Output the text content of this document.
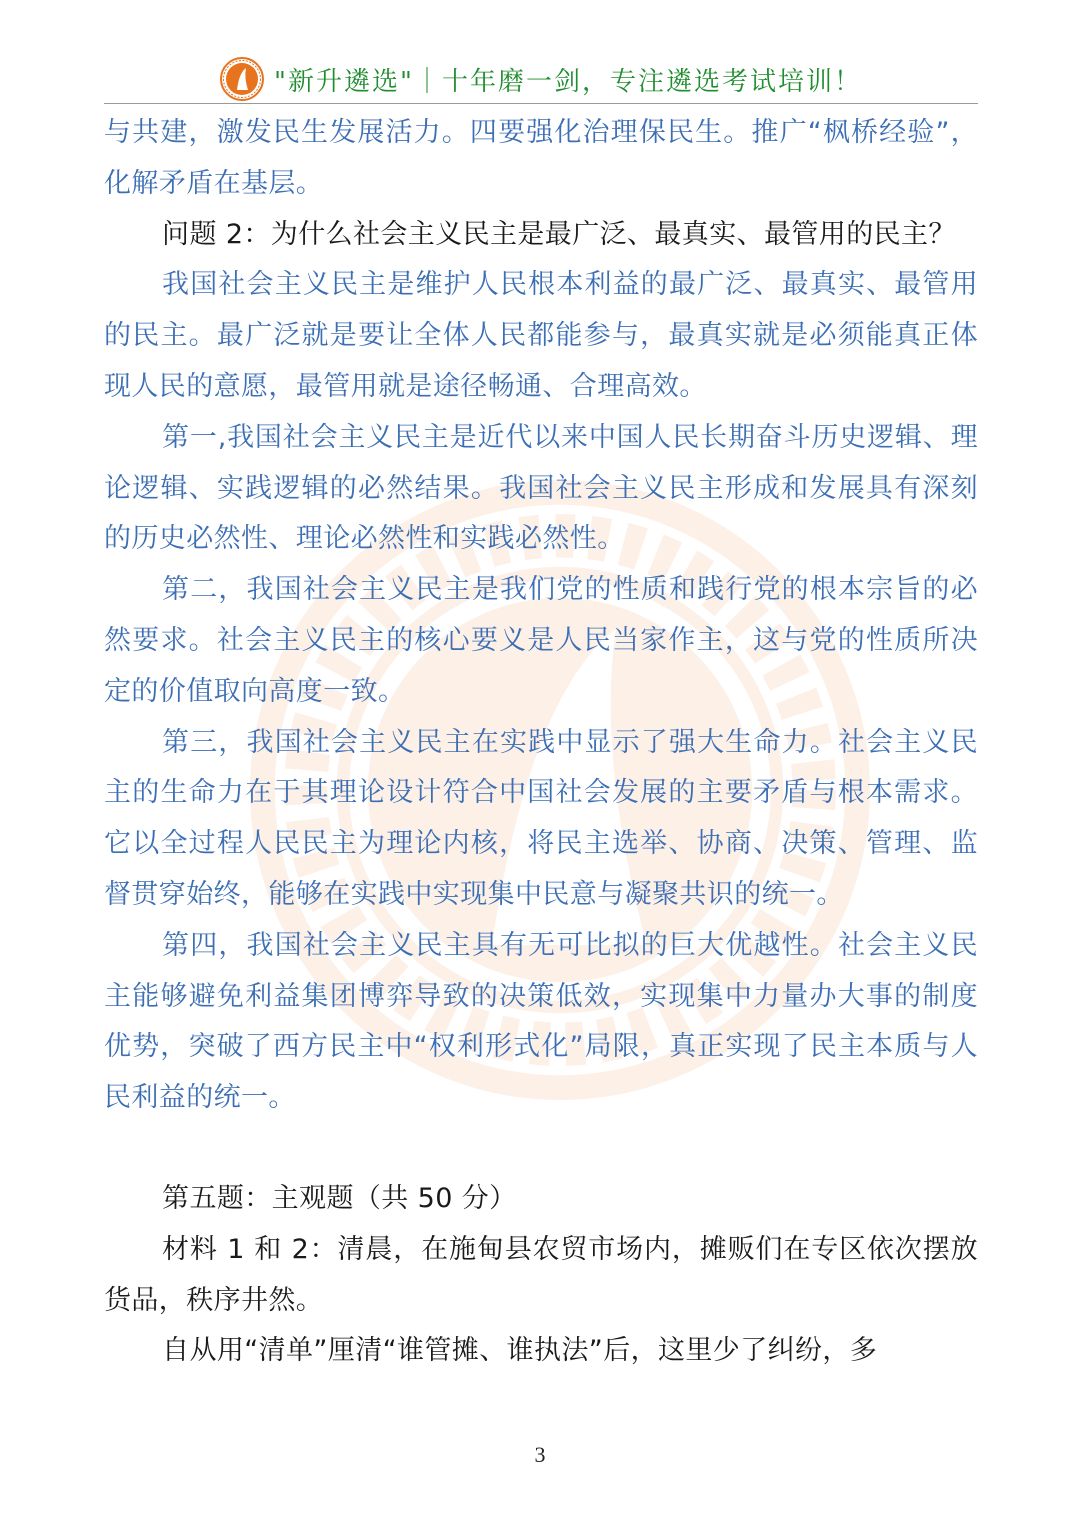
"新升遴选"｜十年磨一剑，专注遴选考试培训！

与共建，激发民生发展活力。四要强化治理保民生。推广“枫桥经验”，化解矛盾在基层。

问题 2：为什么社会主义民主是最广泛、最真实、最管用的民主？

我国社会主义民主是维护人民根本利益的最广泛、最真实、最管用的民主。最广泛就是要让全体人民都能参与，最真实就是必须能真正体现人民的意愿，最管用就是途径畅通、合理高效。

第一,我国社会主义民主是近代以来中国人民长期奋斗历史逻辑、理论逻辑、实践逻辑的必然结果。我国社会主义民主形成和发展具有深刻的历史必然性、理论必然性和实践必然性。

第二，我国社会主义民主是我们党的性质和践行党的根本宗旨的必然要求。社会主义民主的核心要义是人民当家作主，这与党的性质所决定的价值取向高度一致。

第三，我国社会主义民主在实践中显示了强大生命力。社会主义民主的生命力在于其理论设计符合中国社会发展的主要矛盾与根本需求。它以全过程人民民主为理论内核，将民主选举、协商、决策、管理、监督贯穿始终，能够在实践中实现集中民意与凝聚共识的统一。

第四，我国社会主义民主具有无可比拟的巨大优越性。社会主义民主能够避免利益集团博弈导致的决策低效，实现集中力量办大事的制度优势，突破了西方民主中“权利形式化”局限，真正实现了民主本质与人民利益的统一。

第五题：主观题（共 50 分）

材料 1 和 2：清晨，在施甸县农贸市场内，摊贩们在专区依次摆放货品，秩序井然。

自从用“清单”厘清“谁管摊、谁执法”后，这里少了纠纷，多

3
